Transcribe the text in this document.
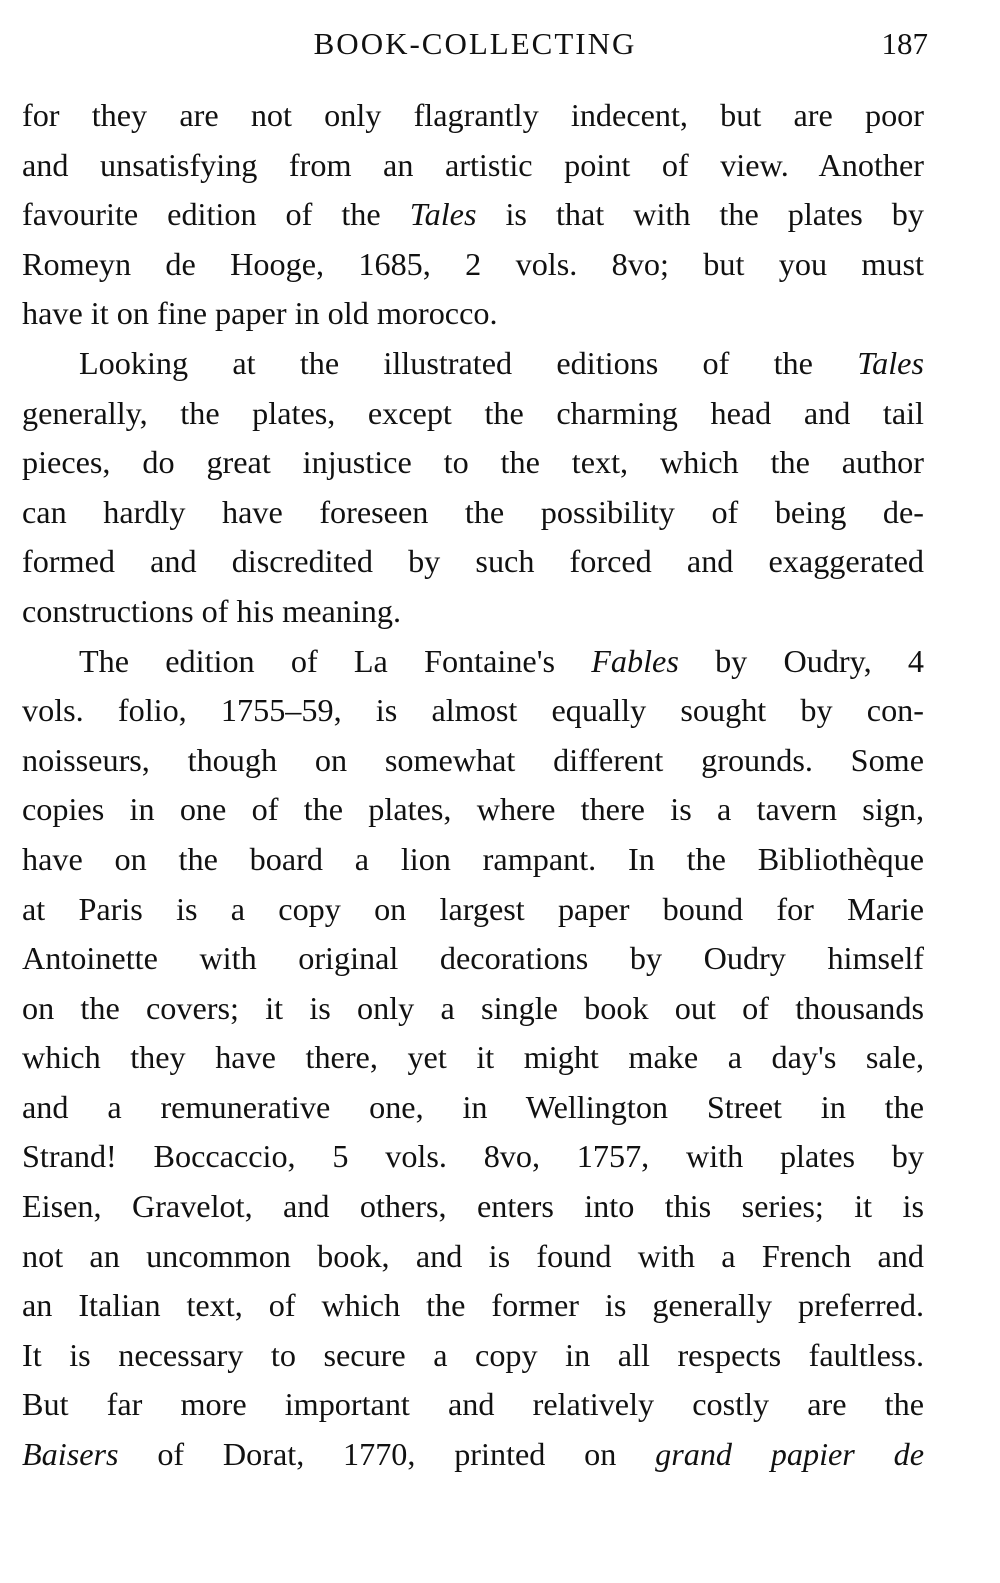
BOOK-COLLECTING	187
for they are not only flagrantly indecent, but are poor
and unsatisfying from an artistic point of view. Another
favourite edition of the Tales is that with the plates by
Romeyn de Hooge, 1685, 2 vols. 8vo; but you must
have it on fine paper in old morocco.
Looking at the illustrated editions of the Tales
generally, the plates, except the charming head and tail
pieces, do great injustice to the text, which the author
can hardly have foreseen the possibility of being de-
formed and discredited by such forced and exaggerated
constructions of his meaning.
The edition of La Fontaine's Fables by Oudry, 4
vols. folio, 1755–59, is almost equally sought by con-
noisseurs, though on somewhat different grounds. Some
copies in one of the plates, where there is a tavern sign,
have on the board a lion rampant. In the Bibliothèque
at Paris is a copy on largest paper bound for Marie
Antoinette with original decorations by Oudry himself
on the covers; it is only a single book out of thousands
which they have there, yet it might make a day's sale,
and a remunerative one, in Wellington Street in the
Strand! Boccaccio, 5 vols. 8vo, 1757, with plates by
Eisen, Gravelot, and others, enters into this series; it is
not an uncommon book, and is found with a French and
an Italian text, of which the former is generally preferred.
It is necessary to secure a copy in all respects faultless.
But far more important and relatively costly are the
Baisers of Dorat, 1770, printed on grand papier de
